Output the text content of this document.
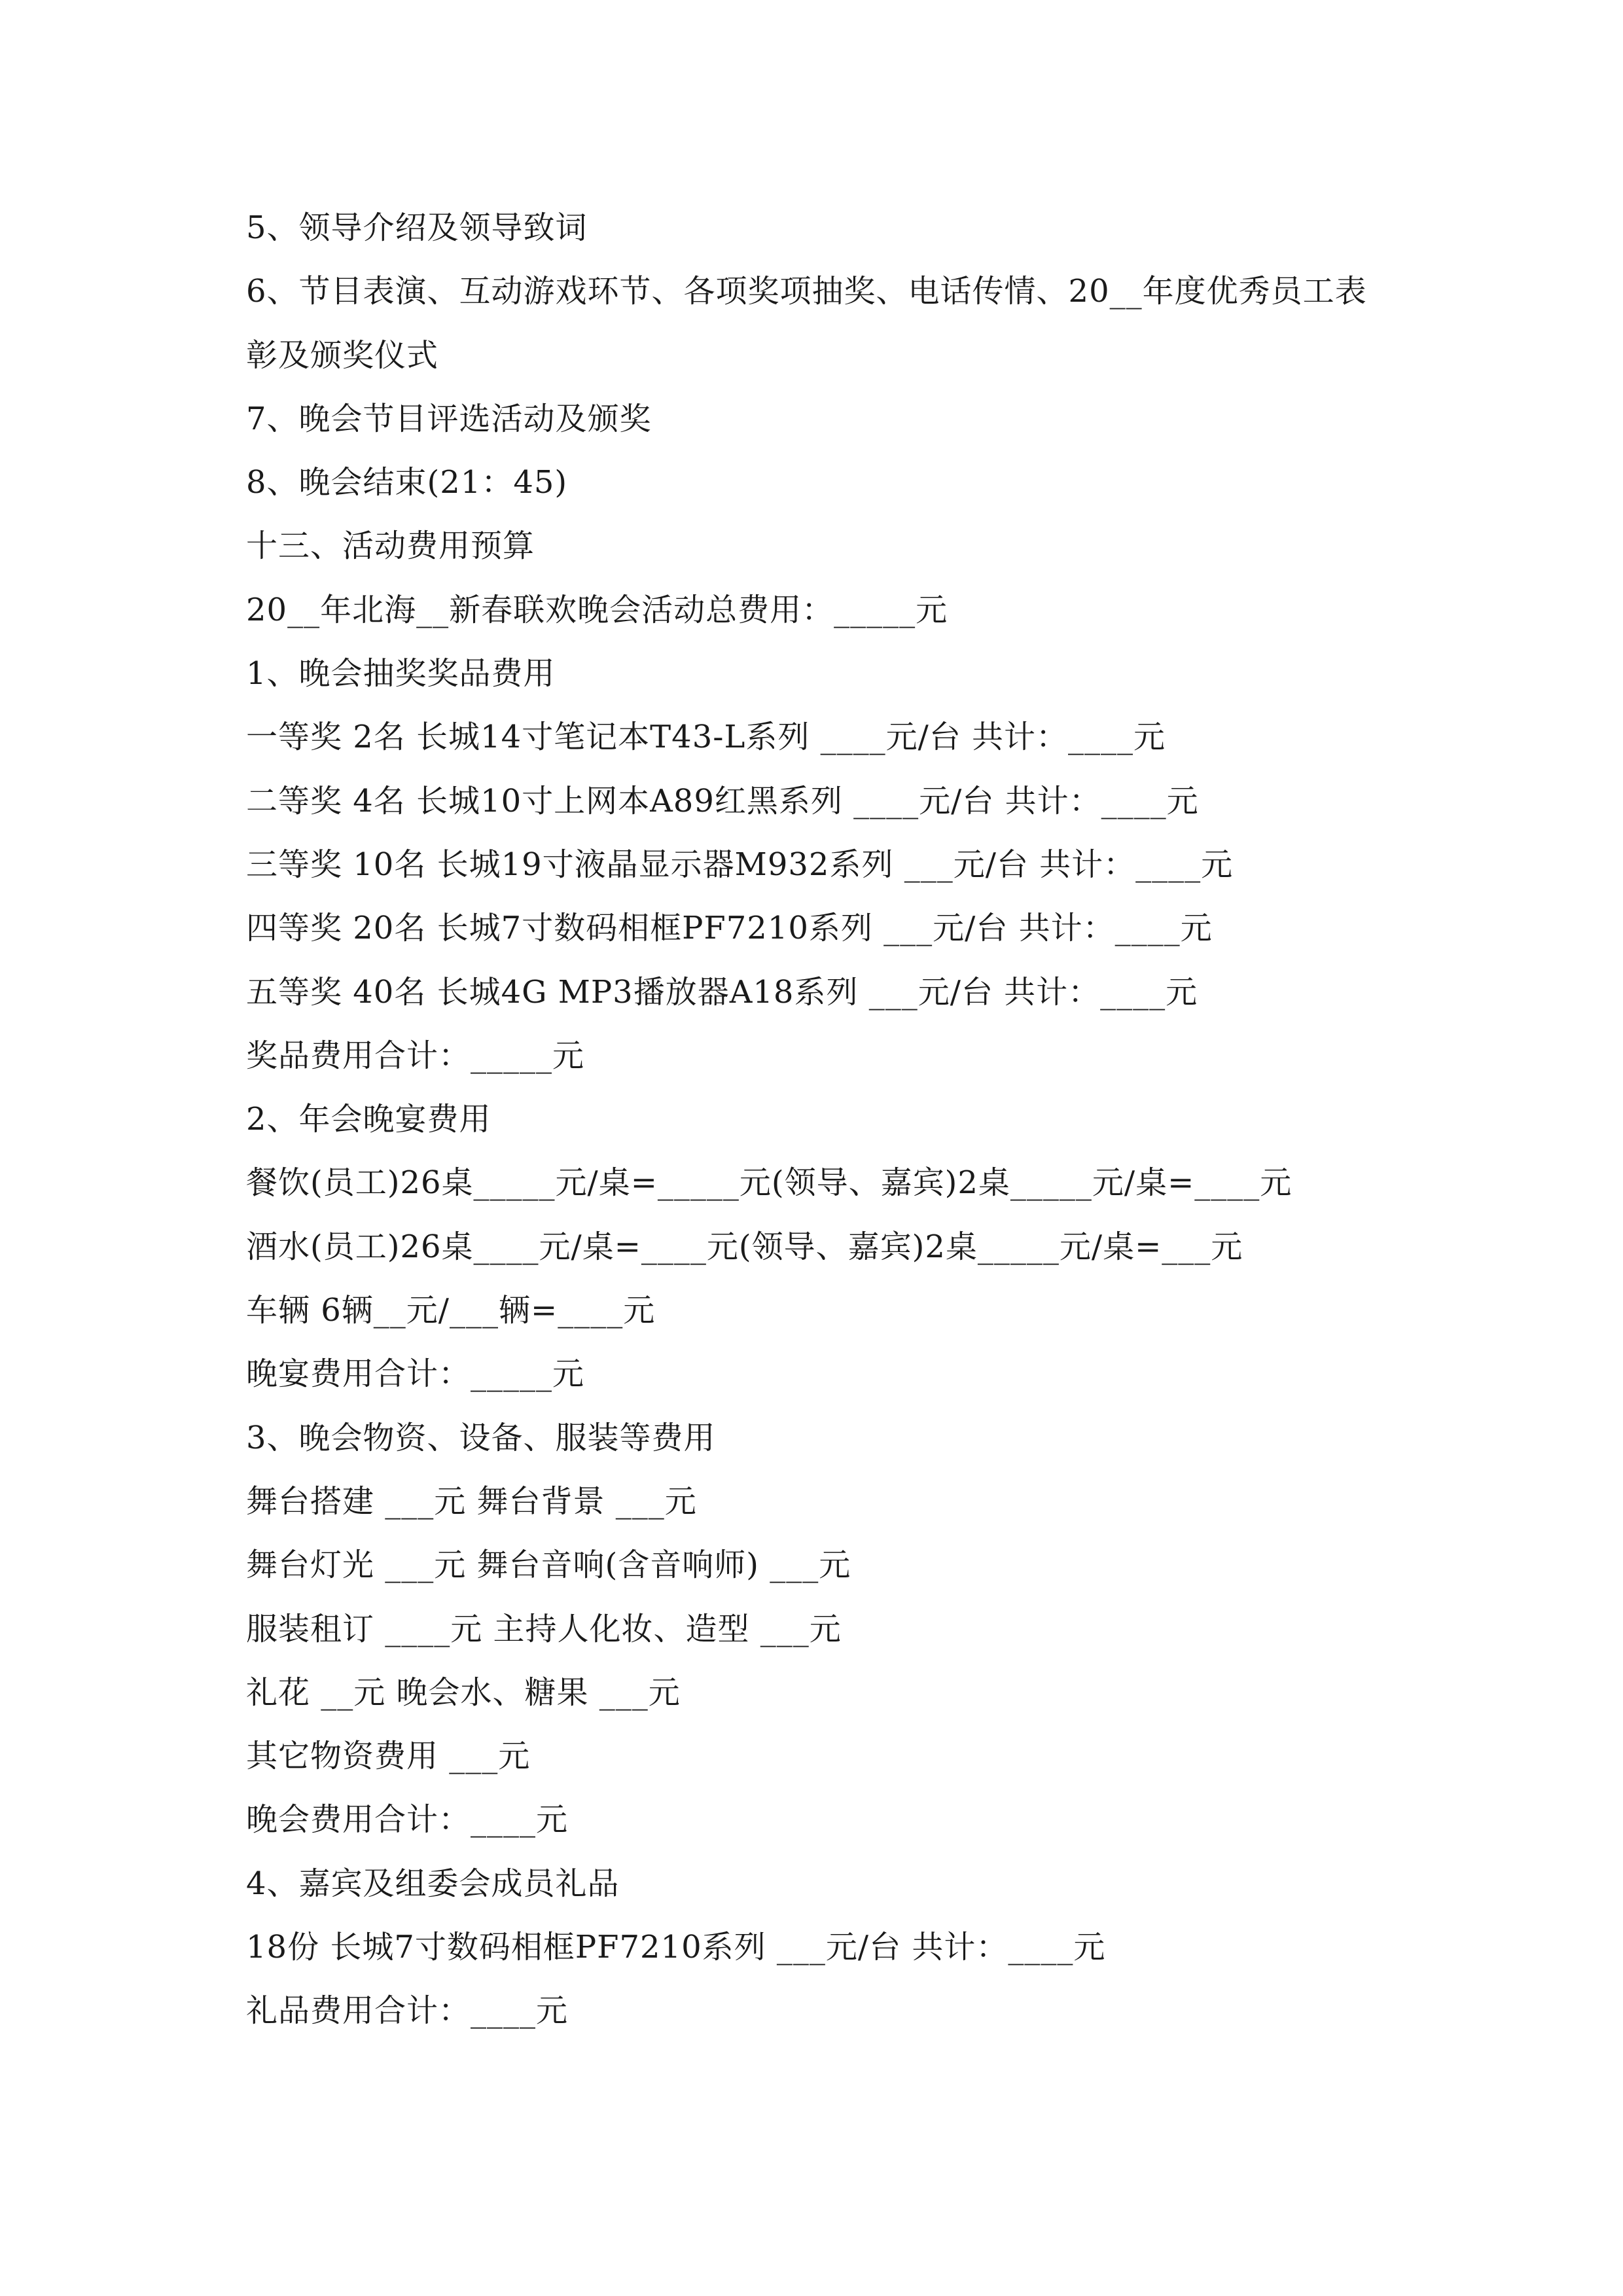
5、领导介绍及领导致词
6、节目表演、互动游戏环节、各项奖项抽奖、电话传情、20__年度优秀员工表
彰及颁奖仪式
7、晚会节目评选活动及颁奖
8、晚会结束(21：45)
十三、活动费用预算
20__年北海__新春联欢晚会活动总费用：_____元
1、晚会抽奖奖品费用
一等奖 2名 长城14寸笔记本T43-L系列 ____元/台 共计：____元
二等奖 4名 长城10寸上网本A89红黑系列 ____元/台 共计：____元
三等奖 10名 长城19寸液晶显示器M932系列 ___元/台 共计：____元
四等奖 20名 长城7寸数码相框PF7210系列 ___元/台 共计：____元
五等奖 40名 长城4G MP3播放器A18系列 ___元/台 共计：____元
奖品费用合计：_____元
2、年会晚宴费用
餐饮(员工)26桌_____元/桌=_____元(领导、嘉宾)2桌_____元/桌=____元
酒水(员工)26桌____元/桌=____元(领导、嘉宾)2桌_____元/桌=___元
车辆 6辆__元/___辆=____元
晚宴费用合计：_____元
3、晚会物资、设备、服装等费用
舞台搭建 ___元 舞台背景 ___元
舞台灯光 ___元 舞台音响(含音响师) ___元
服装租订 ____元 主持人化妆、造型 ___元
礼花 __元 晚会水、糖果 ___元
其它物资费用 ___元
晚会费用合计：____元
4、嘉宾及组委会成员礼品
18份 长城7寸数码相框PF7210系列 ___元/台 共计：____元
礼品费用合计：____元
